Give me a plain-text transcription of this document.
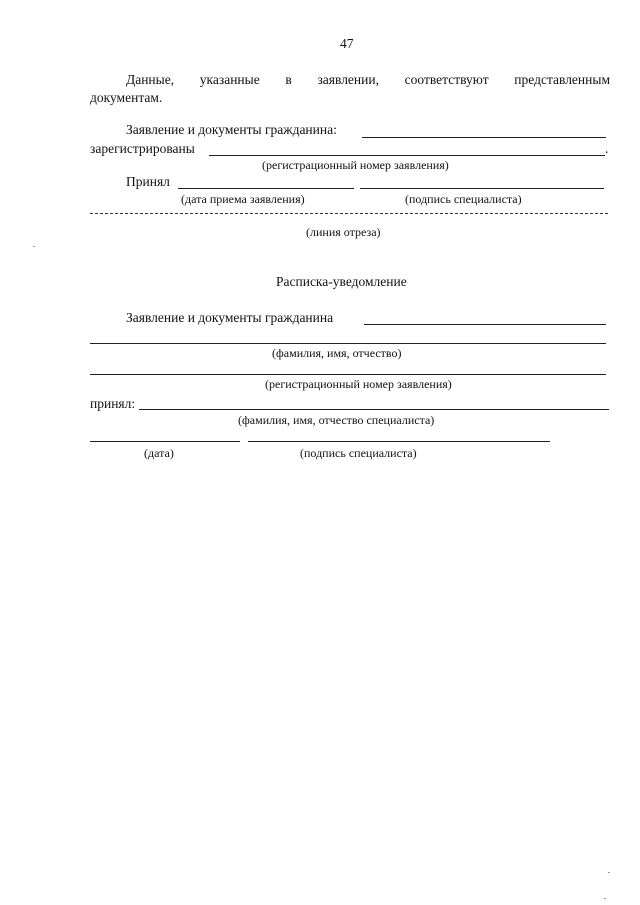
47
Данные, указанные в заявлении, соответствуют представленным
документам.
Заявление и документы гражданина:
зарегистрированы	.
(регистрационный номер заявления)
Принял
(дата приема заявления)	(подпись специалиста)
(линия отреза)
Расписка-уведомление
Заявление и документы гражданина
(фамилия, имя, отчество)
(регистрационный номер заявления)
принял:
(фамилия, имя, отчество специалиста)
(дата)	(подпись специалиста)
